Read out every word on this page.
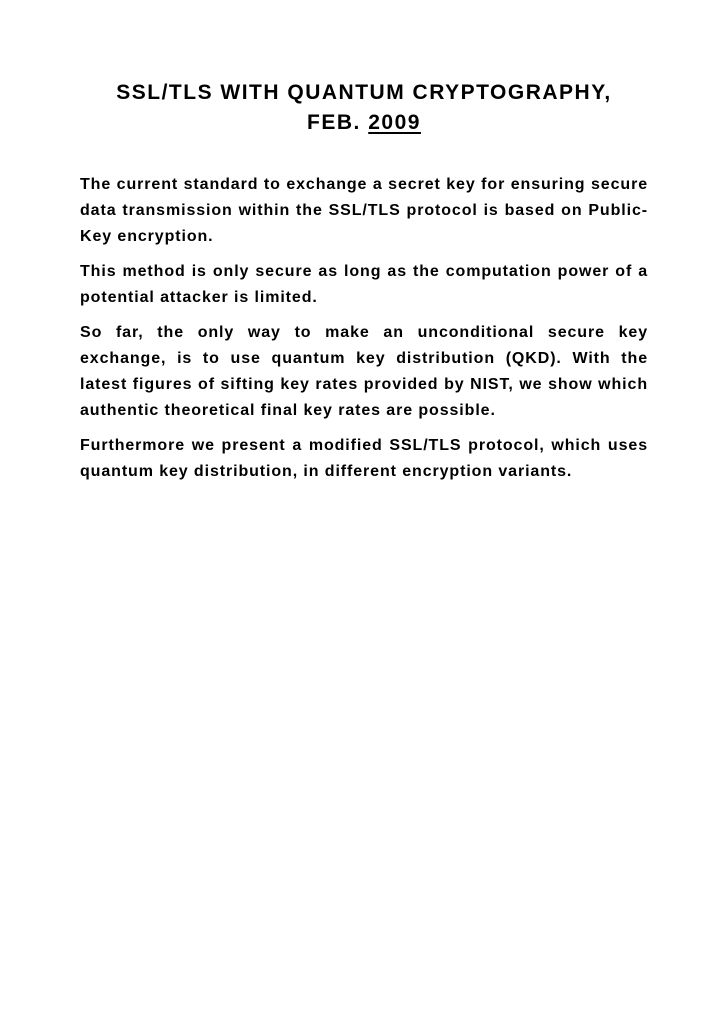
SSL/TLS WITH QUANTUM CRYPTOGRAPHY,
FEB. 2009

The current standard to exchange a secret key for ensuring secure data transmission within the SSL/TLS protocol is based on Public-Key encryption.

This method is only secure as long as the computation power of a potential attacker is limited.

So far, the only way to make an unconditional secure key exchange, is to use quantum key distribution (QKD). With the latest figures of sifting key rates provided by NIST, we show which authentic theoretical final key rates are possible.

Furthermore we present a modified SSL/TLS protocol, which uses quantum key distribution, in different encryption variants.
